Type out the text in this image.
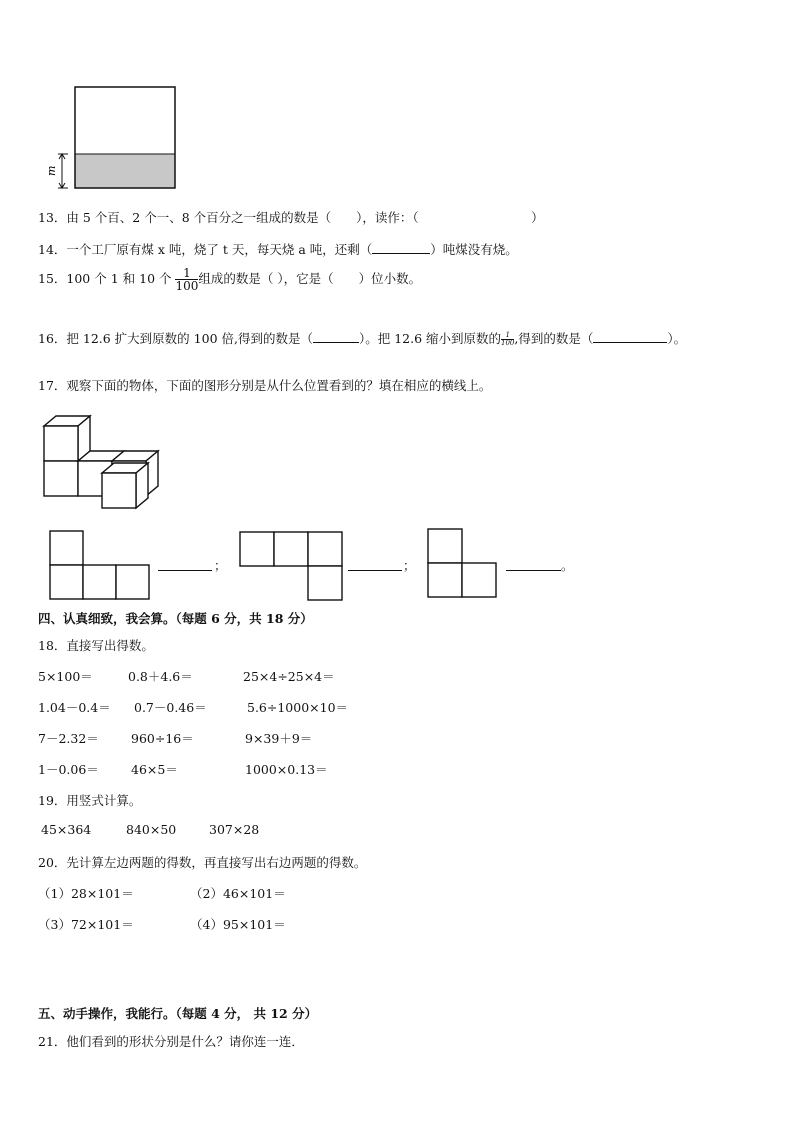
m
13．由 5 个百、2 个一、8 个百分之一组成的数是（　　），读作：（　　　　　　　　　）
14．一个工厂原有煤 x 吨，烧了 t 天，每天烧 a 吨，还剩（	）吨煤没有烧。
15．100 个 1 和 10 个 $\frac{1}{100}$ 组成的数是（ ），它是（　　）位小数。
16．把 12.6 扩大到原数的 100 倍,得到的数是（	）。把 12.6 缩小到原数的 $\frac{1}{100}$ ,得到的数是（	）。
17．观察下面的物体，下面的图形分别是从什么位置看到的？填在相应的横线上。
；	；	。
四、认真细致，我会算。（每题 6 分，共 18 分）
18．直接写出得数。
5×100＝	0.8＋4.6＝	25×4÷25×4＝
1.04－0.4＝ 0.7－0.46＝	5.6÷1000×10＝
7－2.32＝	960÷16＝	9×39＋9＝
1－0.06＝	46×5＝	1000×0.13＝
19．用竖式计算。
45×364	840×50	307×28
20．先计算左边两题的得数，再直接写出右边两题的得数。
（1）28×101＝	（2）46×101＝
（3）72×101＝	（4）95×101＝
五、动手操作，我能行。（每题 4 分， 共 12 分）
21．他们看到的形状分别是什么？请你连一连．
